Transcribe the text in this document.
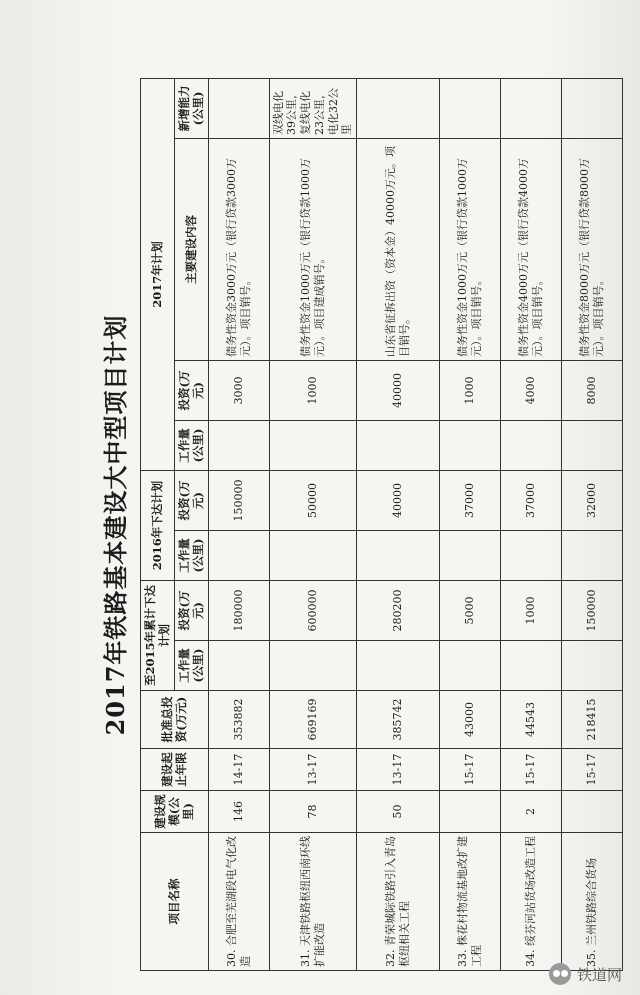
2017年铁路基本建设大中型项目计划
项目名称	建设规模(公里)	建设起止年限	批准总投资(万元)	至2015年累计下达计划		2016年下达计划		2017年计划			
				工作量(公里)	投资(万元)	工作量(公里)	投资(万元)	工作量(公里)	投资(万元)	主要建设内容	新增能力(公里)
30. 合肥至芜湖段电气化改造	146	14-17	353882		180000		150000		3000	债务性资金3000万元（银行贷款3000万元）。项目销号。	
31. 天津铁路枢纽西南环线扩能改造	78	13-17	669169		600000		50000		1000	债务性资金1000万元（银行贷款1000万元）。项目建成销号。	双线电化39公里，复线电化23公里，电化32公里
32. 青荣城际铁路引入青岛枢纽相关工程	50	13-17	385742		280200		40000		40000	山东省征拆出资（资本金）40000万元。项目销号。	
33. 株花村物流基地改扩建工程		15-17	43000		5000		37000		1000	债务性资金1000万元（银行贷款1000万元）。项目销号。	
34. 绥芬河站货场改造工程	2	15-17	44543		1000		37000		4000	债务性资金4000万元（银行贷款4000万元）。项目销号。	
35. 兰州铁路综合货场		15-17	218415		150000		32000		8000	债务性资金8000万元（银行贷款8000万元）。项目销号。	
铁道网
